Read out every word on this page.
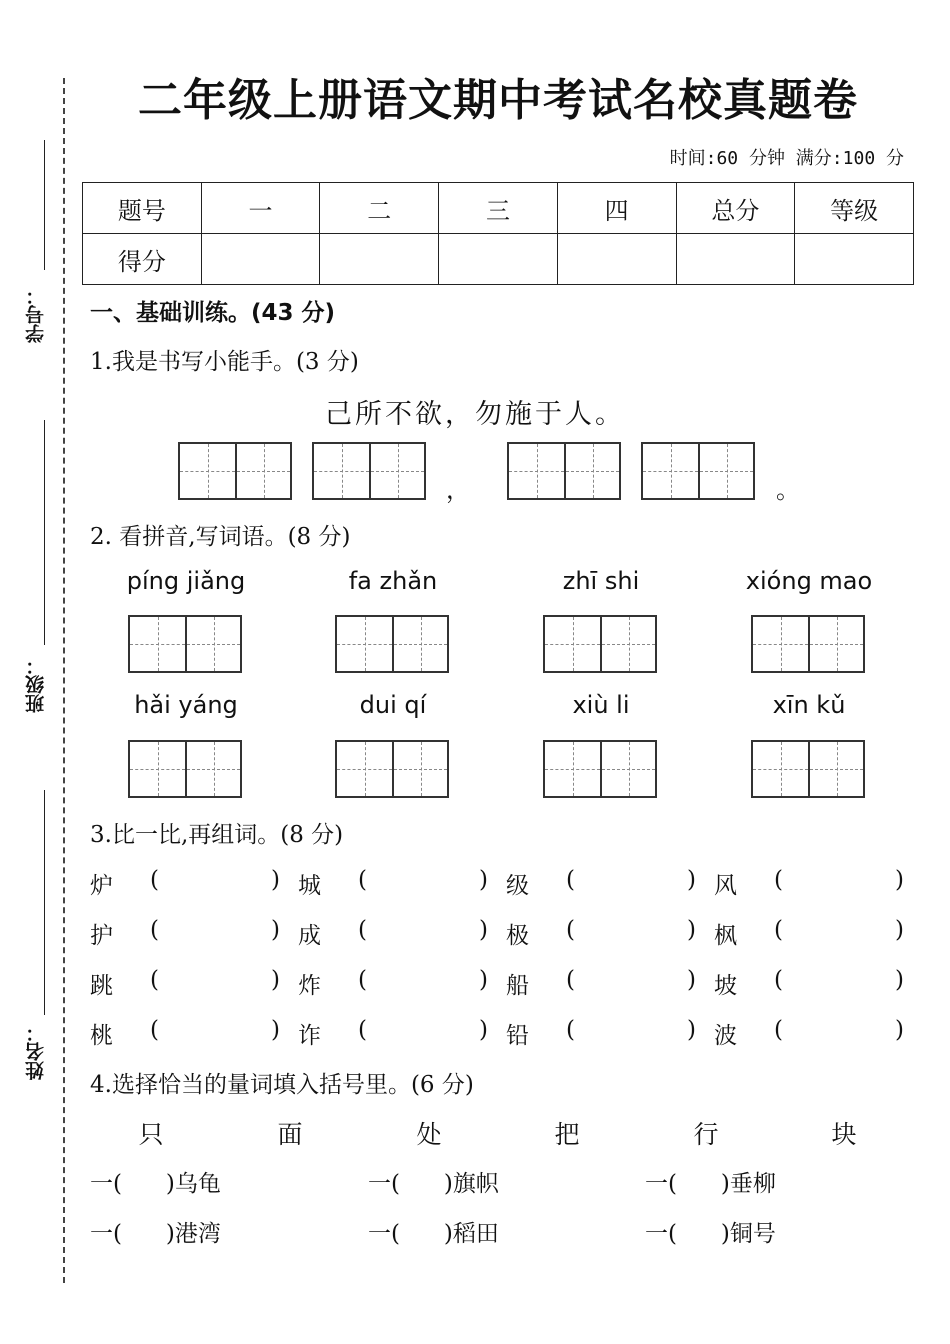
学号：
班级：
姓名：
二年级上册语文期中考试名校真题卷
时间:60 分钟 满分:100 分
题号	一	二	三	四	总分	等级
得分						
一、基础训练。(43 分)
1.我是书写小能手。(3 分)
己所不欲，勿施于人。
，	。
2. 看拼音,写词语。(8 分)
píng jiǎng	fa zhǎn	zhī shi	xióng mao
hǎi yáng	dui qí	xiù li	xīn kǔ
3.比一比,再组词。(8 分)
炉	(	) 城	(	) 级	(	) 风	(	)
护	(	) 成	(	) 极	(	) 枫	(	)
跳	(	) 炸	(	) 船	(	) 坡	(	)
桃	(	) 诈	(	) 铅	(	) 波	(	)
4.选择恰当的量词填入括号里。(6 分)
只	面	处	把	行	块
一(      )乌龟	一(      )旗帜	一(      )垂柳
一(      )港湾	一(      )稻田	一(      )铜号
